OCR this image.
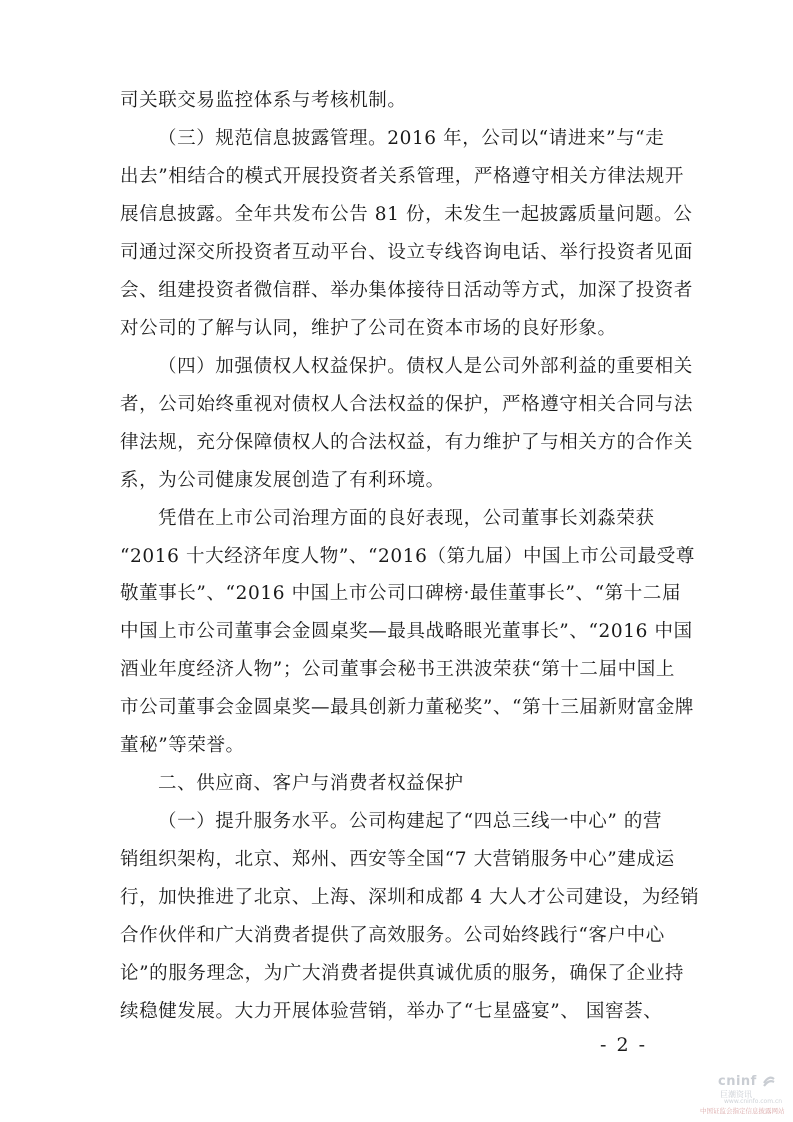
司关联交易监控体系与考核机制。
（三）规范信息披露管理。2016 年，公司以“请进来”与“走
出去”相结合的模式开展投资者关系管理，严格遵守相关方律法规开
展信息披露。全年共发布公告 81 份，未发生一起披露质量问题。公
司通过深交所投资者互动平台、设立专线咨询电话、举行投资者见面
会、组建投资者微信群、举办集体接待日活动等方式，加深了投资者
对公司的了解与认同，维护了公司在资本市场的良好形象。
（四）加强债权人权益保护。债权人是公司外部利益的重要相关
者，公司始终重视对债权人合法权益的保护，严格遵守相关合同与法
律法规，充分保障债权人的合法权益，有力维护了与相关方的合作关
系，为公司健康发展创造了有利环境。
凭借在上市公司治理方面的良好表现，公司董事长刘淼荣获
“2016 十大经济年度人物”、“2016（第九届）中国上市公司最受尊
敬董事长”、“2016 中国上市公司口碑榜·最佳董事长”、“第十二届
中国上市公司董事会金圆桌奖—最具战略眼光董事长”、“2016 中国
酒业年度经济人物”；公司董事会秘书王洪波荣获“第十二届中国上
市公司董事会金圆桌奖—最具创新力董秘奖”、“第十三届新财富金牌
董秘”等荣誉。
二、供应商、客户与消费者权益保护
（一）提升服务水平。公司构建起了“四总三线一中心” 的营
销组织架构，北京、郑州、西安等全国“7 大营销服务中心”建成运
行，加快推进了北京、上海、深圳和成都 4 大人才公司建设，为经销
合作伙伴和广大消费者提供了高效服务。公司始终践行“客户中心
论”的服务理念，为广大消费者提供真诚优质的服务，确保了企业持
续稳健发展。大力开展体验营销，举办了“七星盛宴”、 国窖荟、
- 2 -
cninf
巨潮资讯
www.cninfo.com.cn
中国证监会指定信息披露网站
